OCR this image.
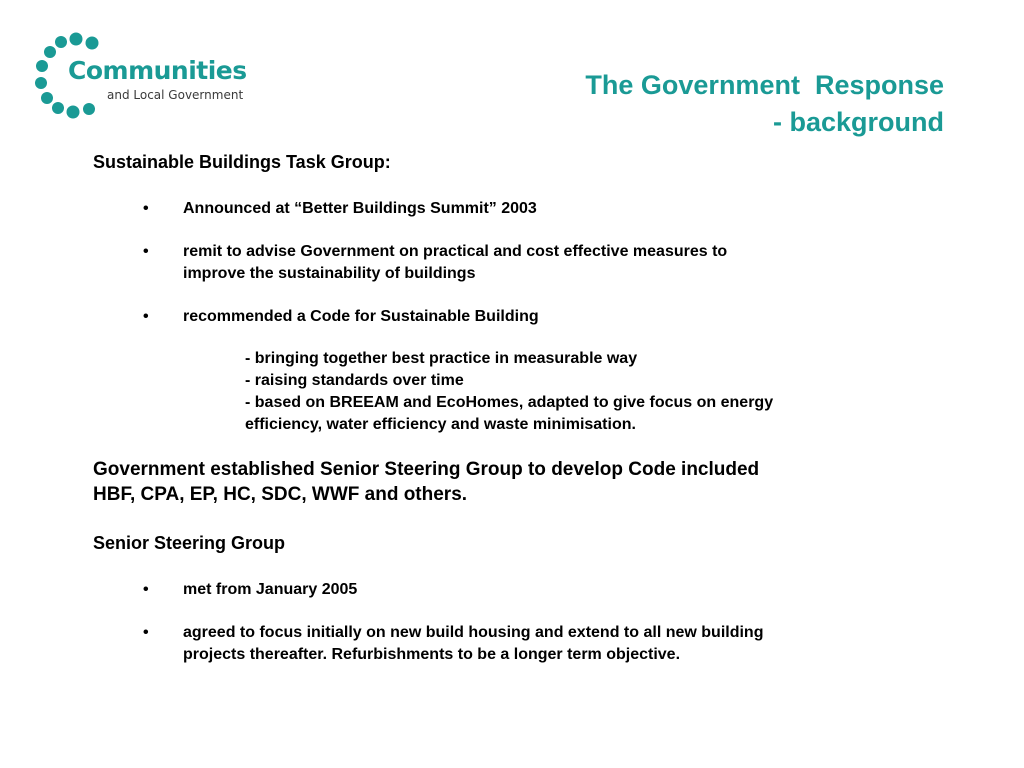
Communities
and Local Government	The Government  Response
- background
Sustainable Buildings Task Group:
• Announced at “Better Buildings Summit” 2003
• remit to advise Government on practical and cost effective measures to
improve the sustainability of buildings
• recommended a Code for Sustainable Building
- bringing together best practice in measurable way
- raising standards over time
- based on BREEAM and EcoHomes, adapted to give focus on energy
efficiency, water efficiency and waste minimisation.
Government established Senior Steering Group to develop Code included
HBF, CPA, EP, HC, SDC, WWF and others.
Senior Steering Group
• met from January 2005
• agreed to focus initially on new build housing and extend to all new building
projects thereafter. Refurbishments to be a longer term objective.
